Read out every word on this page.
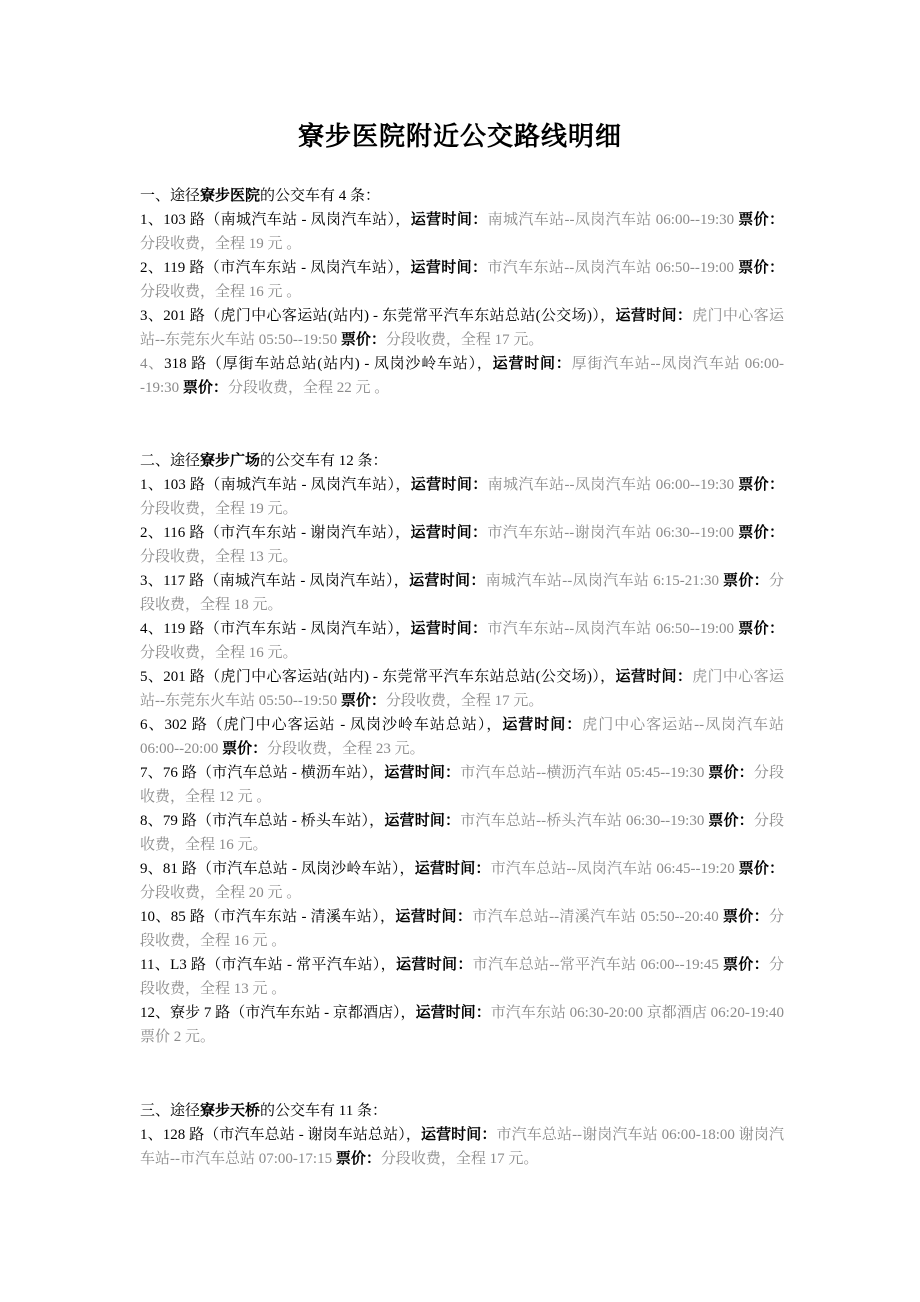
寮步医院附近公交路线明细

一、途径寮步医院的公交车有 4 条：

1、103 路（南城汽车站 - 凤岗汽车站），运营时间：南城汽车站--凤岗汽车站 06:00--19:30 票价：分段收费，全程 19 元 。

2、119 路（市汽车东站 - 凤岗汽车站），运营时间：市汽车东站--凤岗汽车站 06:50--19:00 票价：分段收费，全程 16 元 。

3、201 路（虎门中心客运站(站内) - 东莞常平汽车东站总站(公交场)），运营时间：虎门中心客运站--东莞东火车站 05:50--19:50 票价：分段收费，全程 17 元。

4、318 路（厚街车站总站(站内) - 凤岗沙岭车站），运营时间：厚街汽车站--凤岗汽车站 06:00--19:30 票价：分段收费，全程 22 元 。

二、途径寮步广场的公交车有 12 条：

1、103 路（南城汽车站 - 凤岗汽车站），运营时间：南城汽车站--凤岗汽车站 06:00--19:30 票价：分段收费，全程 19 元。

2、116 路（市汽车东站 - 谢岗汽车站），运营时间：市汽车东站--谢岗汽车站 06:30--19:00 票价：分段收费，全程 13 元。

3、117 路（南城汽车站 - 凤岗汽车站），运营时间：南城汽车站--凤岗汽车站 6:15-21:30 票价：分段收费，全程 18 元。

4、119 路（市汽车东站 - 凤岗汽车站），运营时间：市汽车东站--凤岗汽车站 06:50--19:00 票价：分段收费，全程 16 元。

5、201 路（虎门中心客运站(站内) - 东莞常平汽车东站总站(公交场)），运营时间：虎门中心客运站--东莞东火车站 05:50--19:50 票价：分段收费，全程 17 元。

6、302 路（虎门中心客运站 - 凤岗沙岭车站总站），运营时间：虎门中心客运站--凤岗汽车站 06:00--20:00 票价：分段收费，全程 23 元。

7、76 路（市汽车总站 - 横沥车站），运营时间：市汽车总站--横沥汽车站 05:45--19:30 票价：分段收费，全程 12 元 。

8、79 路（市汽车总站 - 桥头车站），运营时间：市汽车总站--桥头汽车站 06:30--19:30 票价：分段收费，全程 16 元。

9、81 路（市汽车总站 - 凤岗沙岭车站），运营时间：市汽车总站--凤岗汽车站 06:45--19:20 票价：分段收费，全程 20 元 。

10、85 路（市汽车东站 - 清溪车站），运营时间：市汽车总站--清溪汽车站 05:50--20:40 票价：分段收费，全程 16 元 。

11、L3 路（市汽车站 - 常平汽车站），运营时间：市汽车总站--常平汽车站 06:00--19:45 票价：分段收费，全程 13 元 。

12、寮步 7 路（市汽车东站 - 京都酒店），运营时间：市汽车东站 06:30-20:00 京都酒店 06:20-19:40 票价 2 元。

三、途径寮步天桥的公交车有 11 条：

1、128 路（市汽车总站 - 谢岗车站总站），运营时间：市汽车总站--谢岗汽车站 06:00-18:00 谢岗汽车站--市汽车总站 07:00-17:15 票价：分段收费，全程 17 元。
